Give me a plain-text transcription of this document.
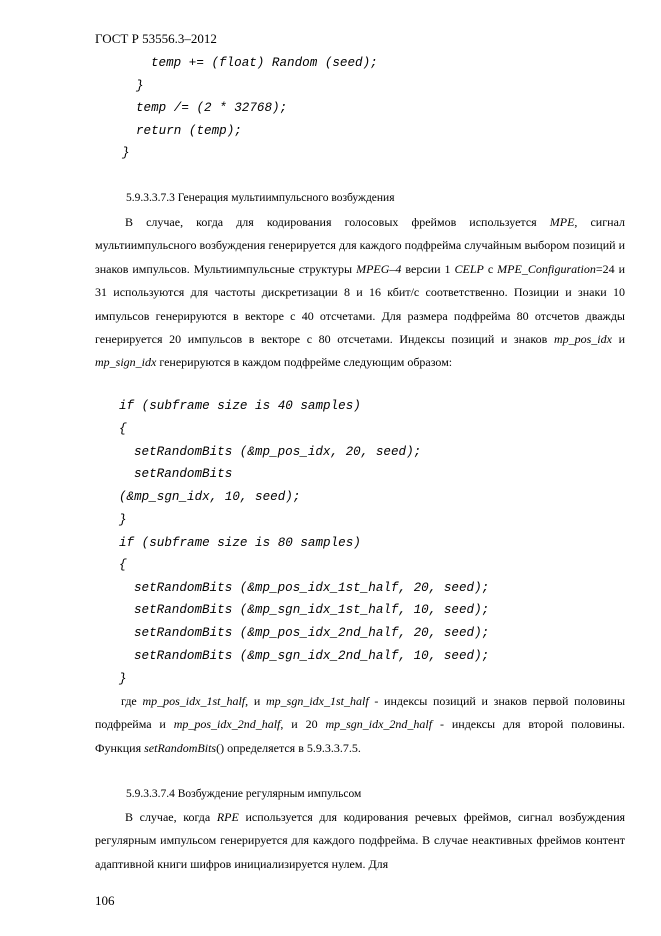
ГОСТ Р 53556.3–2012
temp += (float) Random (seed);
}
temp /= (2 * 32768);
return (temp);
}
5.9.3.3.7.3 Генерация мультиимпульсного возбуждения
В случае, когда для кодирования голосовых фреймов используется MPE, сигнал мультиимпульсного возбуждения генерируется для каждого подфрейма случайным выбором позиций и знаков импульсов. Мультиимпульсные структуры MPEG–4 версии 1 CELP с MPE_Configuration=24 и 31 используются для частоты дискретизации 8 и 16 кбит/с соответственно. Позиции и знаки 10 импульсов генерируются в векторе с 40 отсчетами. Для размера подфрейма 80 отсчетов дважды генерируется 20 импульсов в векторе с 80 отсчетами. Индексы позиций и знаков mp_pos_idx и mp_sign_idx генерируются в каждом подфрейме следующим образом:
if (subframe size is 40 samples)
{
setRandomBits (&mp_pos_idx, 20, seed);
setRandomBits
(&mp_sgn_idx, 10, seed);
}
if (subframe size is 80 samples)
{
setRandomBits (&mp_pos_idx_1st_half, 20, seed);
setRandomBits (&mp_sgn_idx_1st_half, 10, seed);
setRandomBits (&mp_pos_idx_2nd_half, 20, seed);
setRandomBits (&mp_sgn_idx_2nd_half, 10, seed);
}
где mp_pos_idx_1st_half, и mp_sgn_idx_1st_half - индексы позиций и знаков первой половины подфрейма и mp_pos_idx_2nd_half, и 20 mp_sgn_idx_2nd_half - индексы для второй половины. Функция setRandomBits() определяется в 5.9.3.3.7.5.
5.9.3.3.7.4 Возбуждение регулярным импульсом
В случае, когда RPE используется для кодирования речевых фреймов, сигнал возбуждения регулярным импульсом генерируется для каждого подфрейма. В случае неактивных фреймов контент адаптивной книги шифров инициализируется нулем. Для
106
